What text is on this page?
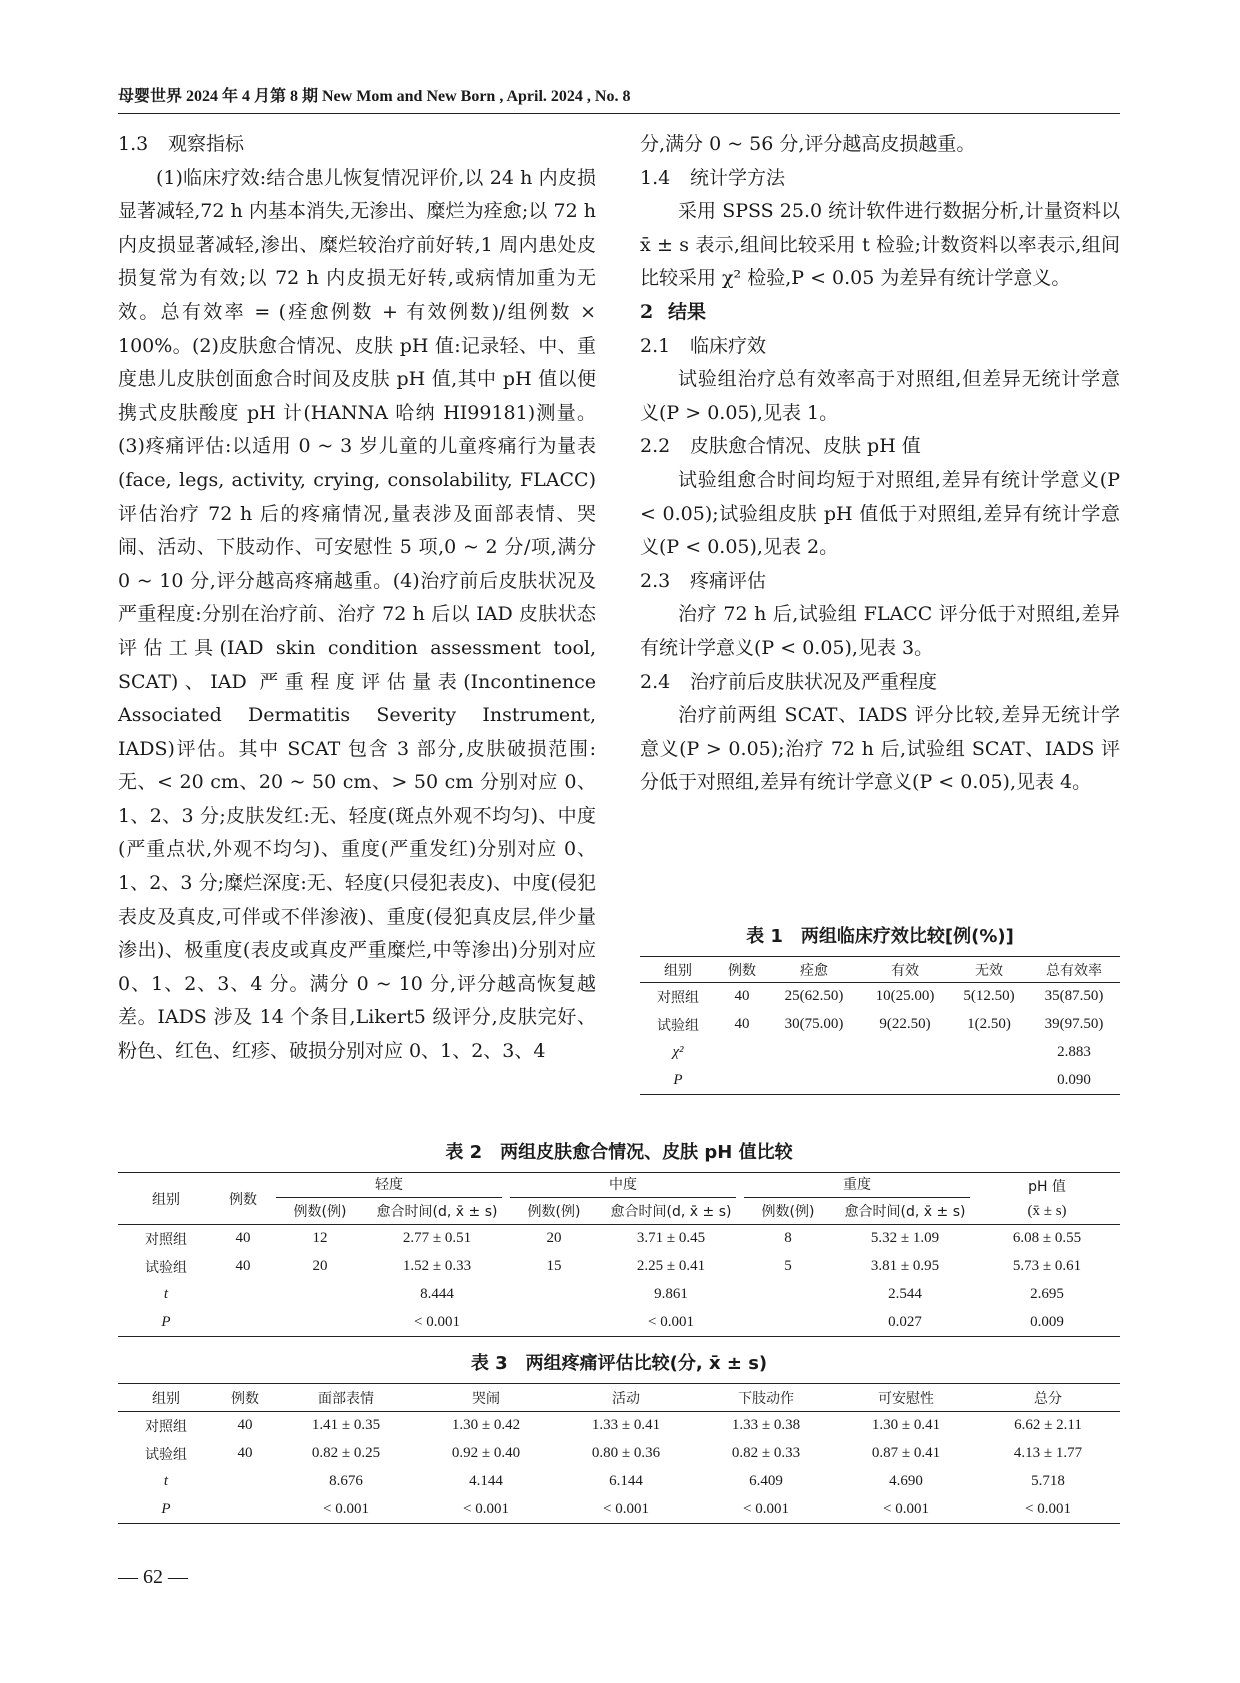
母婴世界 2024 年 4 月第 8 期 New Mom and New Born , April. 2024 , No. 8

1.3 观察指标

(1)临床疗效:结合患儿恢复情况评价,以 24 h 内皮损显著减轻,72 h 内基本消失,无渗出、糜烂为痊愈;以 72 h 内皮损显著减轻,渗出、糜烂较治疗前好转,1 周内患处皮损复常为有效;以 72 h 内皮损无好转,或病情加重为无效。总有效率 = (痊愈例数 + 有效例数)/组例数 × 100%。(2)皮肤愈合情况、皮肤 pH 值:记录轻、中、重度患儿皮肤创面愈合时间及皮肤 pH 值,其中 pH 值以便携式皮肤酸度 pH 计(HANNA 哈纳 HI99181)测量。(3)疼痛评估:以适用 0 ~ 3 岁儿童的儿童疼痛行为量表(face, legs, activity, crying, consolability, FLACC)评估治疗 72 h 后的疼痛情况,量表涉及面部表情、哭闹、活动、下肢动作、可安慰性 5 项,0 ~ 2 分/项,满分 0 ~ 10 分,评分越高疼痛越重。(4)治疗前后皮肤状况及严重程度:分别在治疗前、治疗 72 h 后以 IAD 皮肤状态评估工具(IAD skin condition assessment tool, SCAT)、IAD 严重程度评估量表(Incontinence Associated Dermatitis Severity Instrument, IADS)评估。其中 SCAT 包含 3 部分,皮肤破损范围:无、< 20 cm、20 ~ 50 cm、> 50 cm 分别对应 0、1、2、3 分;皮肤发红:无、轻度(斑点外观不均匀)、中度(严重点状,外观不均匀)、重度(严重发红)分别对应 0、1、2、3 分;糜烂深度:无、轻度(只侵犯表皮)、中度(侵犯表皮及真皮,可伴或不伴渗液)、重度(侵犯真皮层,伴少量渗出)、极重度(表皮或真皮严重糜烂,中等渗出)分别对应 0、1、2、3、4 分。满分 0 ~ 10 分,评分越高恢复越差。IADS 涉及 14 个条目,Likert5 级评分,皮肤完好、粉色、红色、红疹、破损分别对应 0、1、2、3、4

分,满分 0 ~ 56 分,评分越高皮损越重。

1.4 统计学方法

采用 SPSS 25.0 统计软件进行数据分析,计量资料以 x̄ ± s 表示,组间比较采用 t 检验;计数资料以率表示,组间比较采用 χ² 检验,P < 0.05 为差异有统计学意义。

2 结果

2.1 临床疗效

试验组治疗总有效率高于对照组,但差异无统计学意义(P > 0.05),见表 1。

2.2 皮肤愈合情况、皮肤 pH 值

试验组愈合时间均短于对照组,差异有统计学意义(P < 0.05);试验组皮肤 pH 值低于对照组,差异有统计学意义(P < 0.05),见表 2。

2.3 疼痛评估

治疗 72 h 后,试验组 FLACC 评分低于对照组,差异有统计学意义(P < 0.05),见表 3。

2.4 治疗前后皮肤状况及严重程度

治疗前两组 SCAT、IADS 评分比较,差异无统计学意义(P > 0.05);治疗 72 h 后,试验组 SCAT、IADS 评分低于对照组,差异有统计学意义(P < 0.05),见表 4。

表 1 两组临床疗效比较[例(%)]
组别	例数	痊愈	有效	无效	总有效率
对照组	40	25(62.50)	10(25.00)	5(12.50)	35(87.50)
试验组	40	30(75.00)	9(22.50)	1(2.50)	39(97.50)
χ²					2.883
P					0.090
表 2 两组皮肤愈合情况、皮肤 pH 值比较
组别	例数	轻度		中度		重度		pH 值
		例数(例)	愈合时间(d, x̄ ± s)	例数(例)	愈合时间(d, x̄ ± s)	例数(例)	愈合时间(d, x̄ ± s)	(x̄ ± s)
对照组	40	12	2.77 ± 0.51	20	3.71 ± 0.45	8	5.32 ± 1.09	6.08 ± 0.55
试验组	40	20	1.52 ± 0.33	15	2.25 ± 0.41	5	3.81 ± 0.95	5.73 ± 0.61
t			8.444		9.861		2.544	2.695
P			< 0.001		< 0.001		0.027	0.009
表 3 两组疼痛评估比较(分, x̄ ± s)
组别	例数	面部表情	哭闹	活动	下肢动作	可安慰性	总分
对照组	40	1.41 ± 0.35	1.30 ± 0.42	1.33 ± 0.41	1.33 ± 0.38	1.30 ± 0.41	6.62 ± 2.11
试验组	40	0.82 ± 0.25	0.92 ± 0.40	0.80 ± 0.36	0.82 ± 0.33	0.87 ± 0.41	4.13 ± 1.77
t		8.676	4.144	6.144	6.409	4.690	5.718
P		< 0.001	< 0.001	< 0.001	< 0.001	< 0.001	< 0.001
— 62 —
